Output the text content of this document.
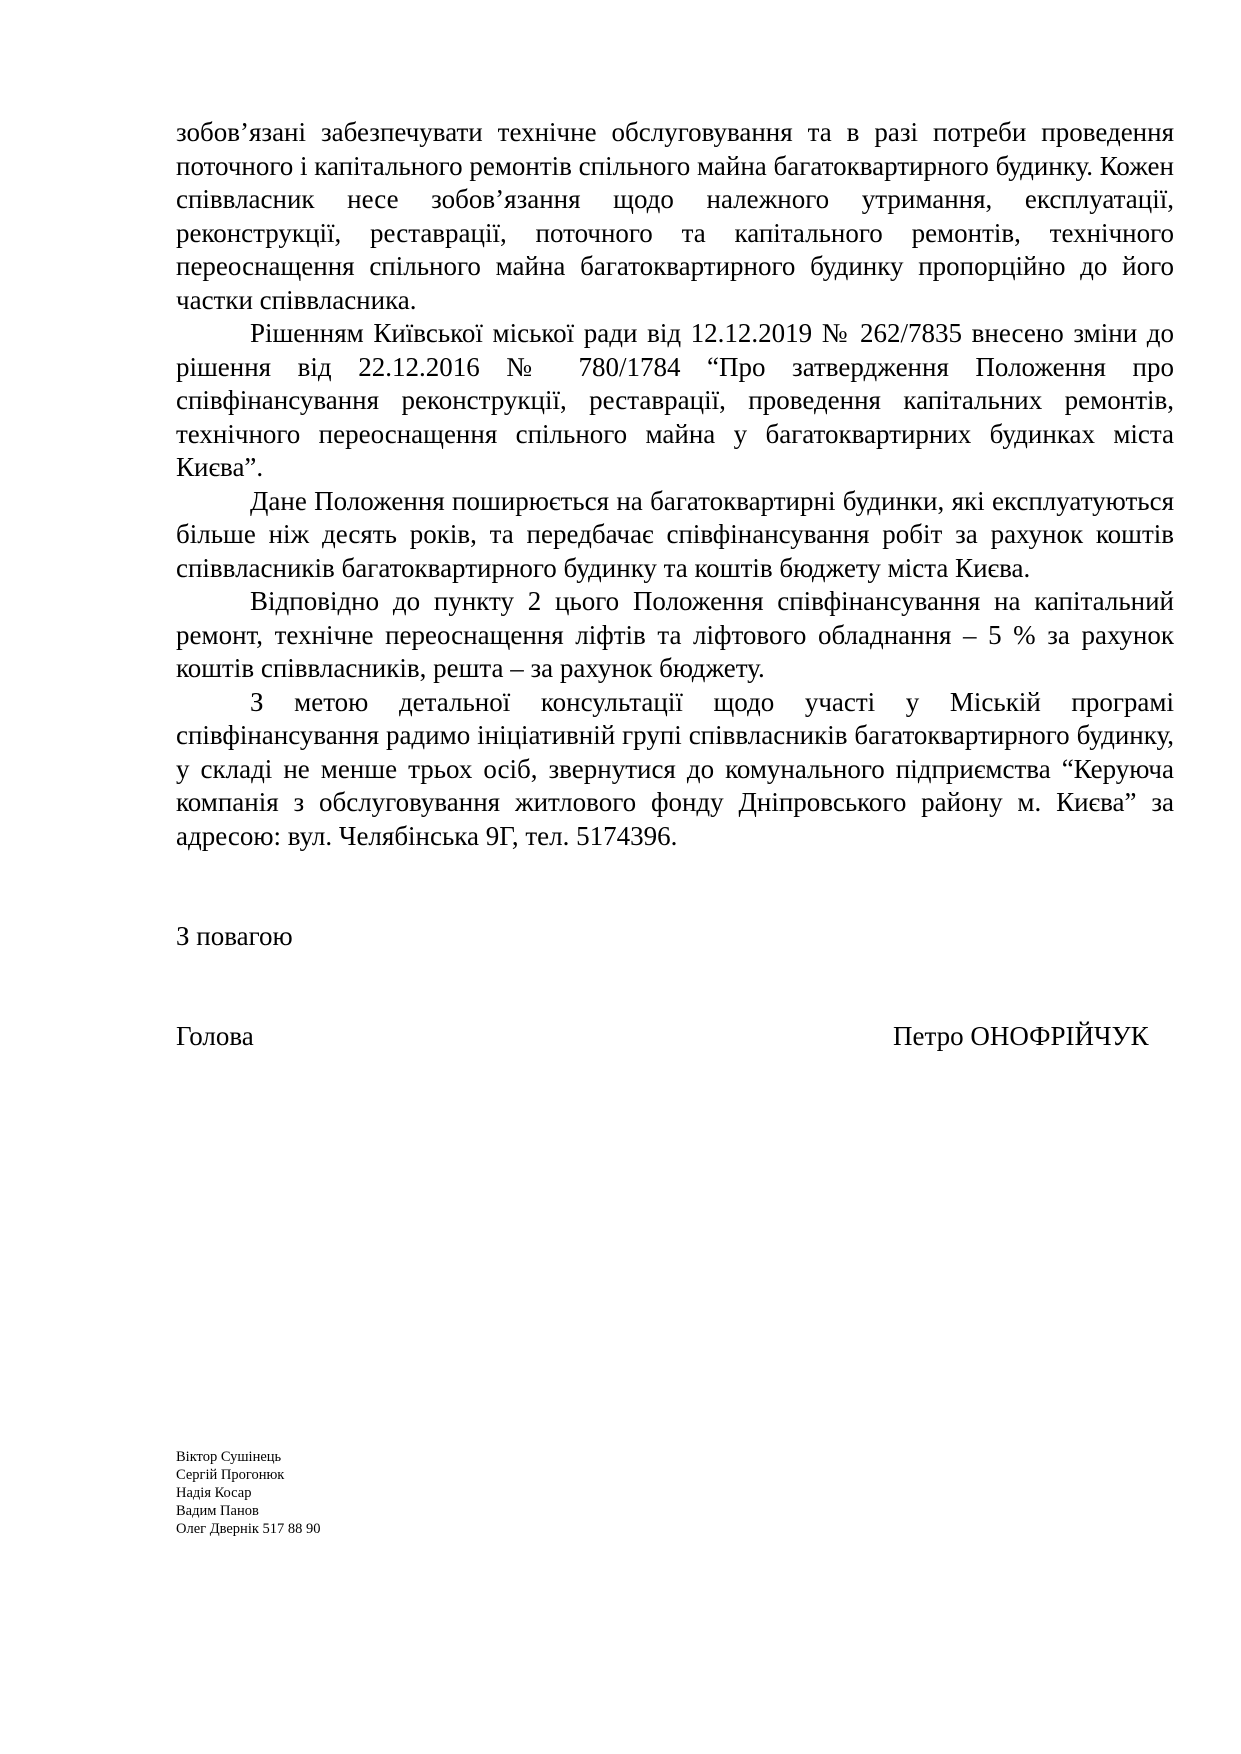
зобов’язані забезпечувати технічне обслуговування та в разі потреби проведення поточного і капітального ремонтів спільного майна багатоквартирного будинку. Кожен співвласник несе зобов’язання щодо належного утримання, експлуатації, реконструкції, реставрації, поточного та капітального ремонтів, технічного переоснащення спільного майна багатоквартирного будинку пропорційно до його частки співвласника.

Рішенням Київської міської ради від 12.12.2019 № 262/7835 внесено зміни до рішення від 22.12.2016 № 780/1784 “Про затвердження Положення про співфінансування реконструкції, реставрації, проведення капітальних ремонтів, технічного переоснащення спільного майна у багатоквартирних будинках міста Києва”.

Дане Положення поширюється на багатоквартирні будинки, які експлуатуються більше ніж десять років, та передбачає співфінансування робіт за рахунок коштів співвласників багатоквартирного будинку та коштів бюджету міста Києва.

Відповідно до пункту 2 цього Положення співфінансування на капітальний ремонт, технічне переоснащення ліфтів та ліфтового обладнання – 5 % за рахунок коштів співвласників, решта – за рахунок бюджету.

З метою детальної консультації щодо участі у Міській програмі співфінансування радимо ініціативній групі співвласників багатоквартирного будинку, у складі не менше трьох осіб, звернутися до комунального підприємства “Керуюча компанія з обслуговування житлового фонду Дніпровського району м. Києва” за адресою: вул. Челябінська 9Г, тел. 5174396.

З повагою
Голова	Петро ОНОФРІЙЧУК
Віктор Сушінець
Сергій Прогонюк
Надія Косар
Вадим Панов
Олег Двернік 517 88 90
